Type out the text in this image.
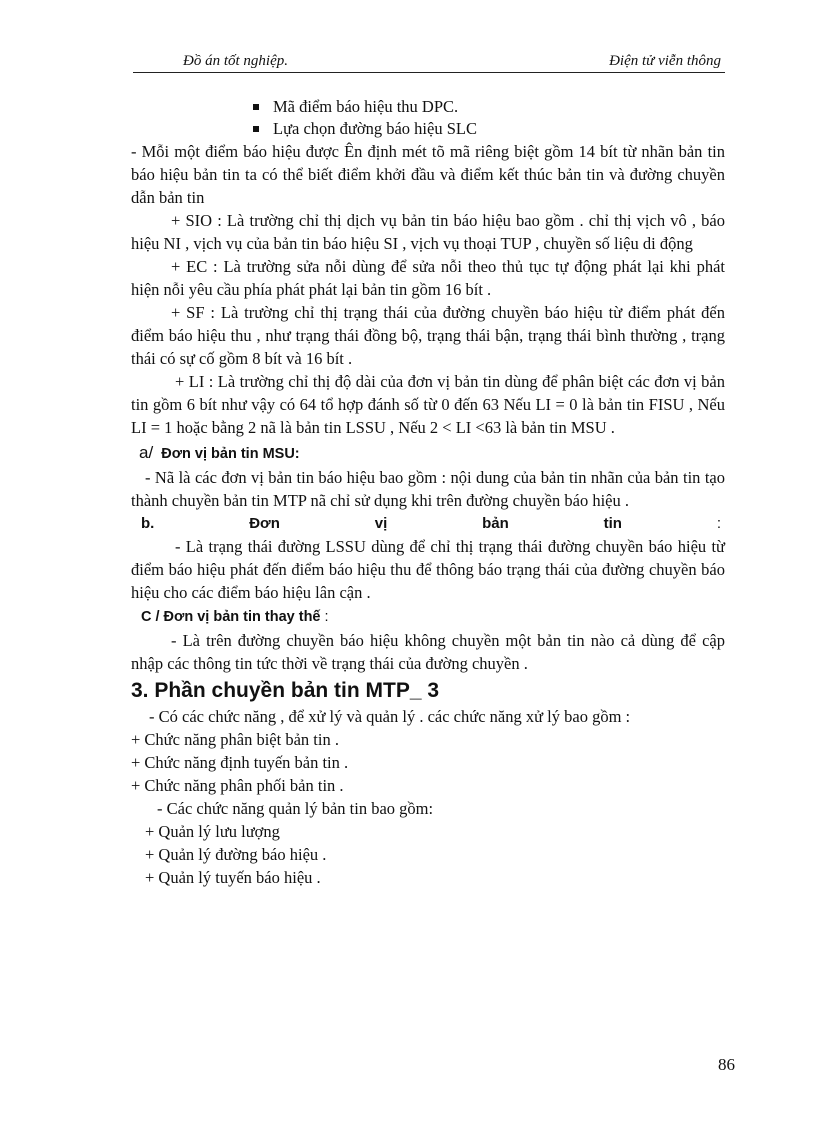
Đồ án tốt nghiệp.	Điện tử viễn thông
Mã điểm báo hiệu thu DPC.
Lựa chọn đường báo hiệu SLC

- Mỗi một điểm báo hiệu được Ên định mét tõ mã riêng biệt gồm 14 bít từ nhãn bản tin báo hiệu bản tin ta có thể biết điểm khởi đầu và điểm kết thúc bản tin và đường chuyền dẫn bản tin

+ SIO : Là trường chỉ thị dịch vụ bản tin báo hiệu bao gồm . chỉ thị vịch vô , báo hiệu NI , vịch vụ của bản tin báo hiệu SI , vịch vụ thoại TUP , chuyền số liệu di động

+ EC : Là trường sửa nỗi dùng để sửa nỗi theo thủ tục tự động phát lại khi phát hiện nỗi yêu cầu phía phát phát lại bản tin gồm 16 bít .

+ SF : Là trường chỉ thị trạng thái của đường chuyền báo hiệu từ điểm phát đến điểm báo hiệu thu , như trạng thái đồng bộ, trạng thái bận, trạng thái bình thường , trạng thái có sự cố gồm 8 bít và 16 bít .

+ LI : Là trường chỉ thị độ dài của đơn vị bản tin dùng để phân biệt các đơn vị bản tin gồm 6 bít như vậy có 64 tổ hợp đánh số từ 0 đến 63 Nếu LI = 0 là bản tin FISU , Nếu LI = 1 hoặc bằng 2 nã là bản tin LSSU , Nếu 2 < LI <63 là bản tin MSU .

a/ Đơn vị bản tin MSU:

- Nã là các đơn vị bản tin báo hiệu bao gồm : nội dung của bản tin nhãn của bản tin tạo thành chuyền bản tin MTP nã chỉ sử dụng khi trên đường chuyền báo hiệu .

b.	Đơn	vị	bản	tin	:

- Là trạng thái đường LSSU dùng để chỉ thị trạng thái đường chuyền báo hiệu từ điểm báo hiệu phát đến điểm báo hiệu thu để thông báo trạng thái của đường chuyền báo hiệu cho các điểm báo hiệu lân cận .

C / Đơn vị bản tin thay thế :

- Là trên đường chuyền báo hiệu không chuyền một bản tin nào cả dùng để cập nhập các thông tin tức thời về trạng thái của đường chuyền .

3. Phần chuyền bản tin MTP_ 3

- Có các chức năng , để xử lý và quản lý . các chức năng xử lý bao gồm :

+ Chức năng phân biệt bản tin .

+ Chức năng định tuyến bản tin .

+ Chức năng phân phối bản tin .

- Các chức năng quản lý bản tin bao gồm:

+ Quản lý lưu lượng

+ Quản lý đường báo hiệu .

+ Quản lý tuyến báo hiệu .

86
